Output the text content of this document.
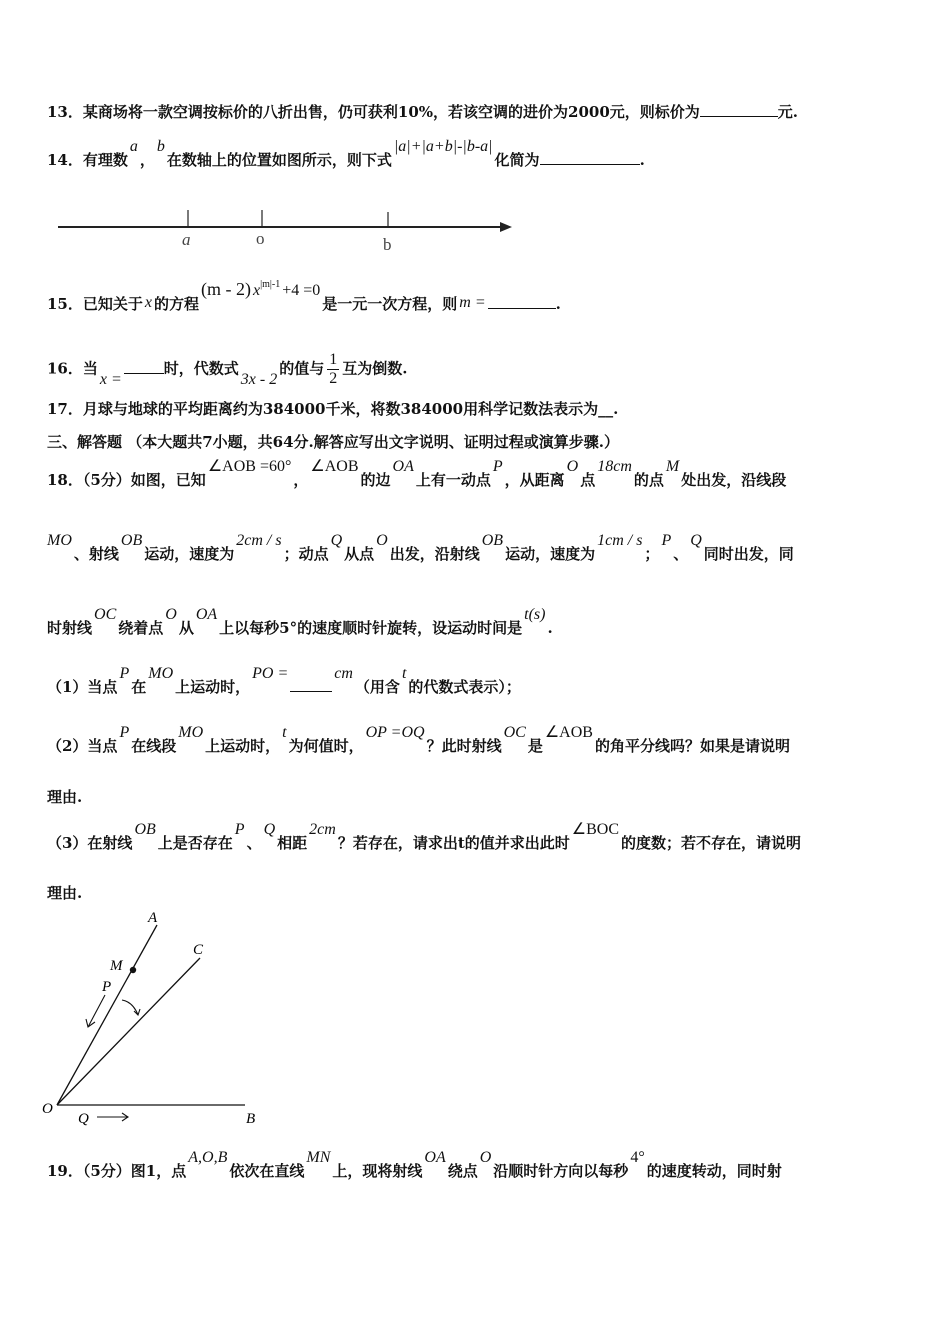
13．某商场将一款空调按标价的八折出售，仍可获利10%，若该空调的进价为2000元，则标价为	元.
14．有理数a，b在数轴上的位置如图所示，则下式|a|+|a+b|-|b-a|化简为	.
a	o	b
15．已知关于 x 的方程(m - 2) $x^{|m|-1} +4 =0$是一元一次方程，则 m =	.
16．当x =时，代数式3x - 2的值与 $\frac{1}{2}$ 互为倒数.
17．月球与地球的平均距离约为384000千米，将数384000用科学记数法表示为__.
三、解答题 （本大题共7小题，共64分.解答应写出文字说明、证明过程或演算步骤.）
18．（5分）如图，已知∠AOB =60°，∠AOB的边OA上有一动点P，从距离O点18cm的点M处出发，沿线段
MO、射线OB运动，速度为2cm / s；动点Q从点O出发，沿射线OB运动，速度为1cm / s；P、Q同时出发，同
时射线OC绕着点O从OA上以每秒5°的速度顺时针旋转，设运动时间是t(s).
（1）当点P在MO上运动时，PO =	cm（用含t的代数式表示）；
（2）当点P在线段MO上运动时，t为何值时，OP =OQ？此时射线OC是∠AOB的角平分线吗？如果是请说明
理由.
（3）在射线OB上是否存在P、Q相距2cm？若存在，请求出t的值并求出此时∠BOC的度数；若不存在，请说明
理由.
A
C
M
P
O
Q	B
19．（5分）图1，点A,O,B依次在直线MN上，现将射线OA绕点O沿顺时针方向以每秒4°的速度转动，同时射
